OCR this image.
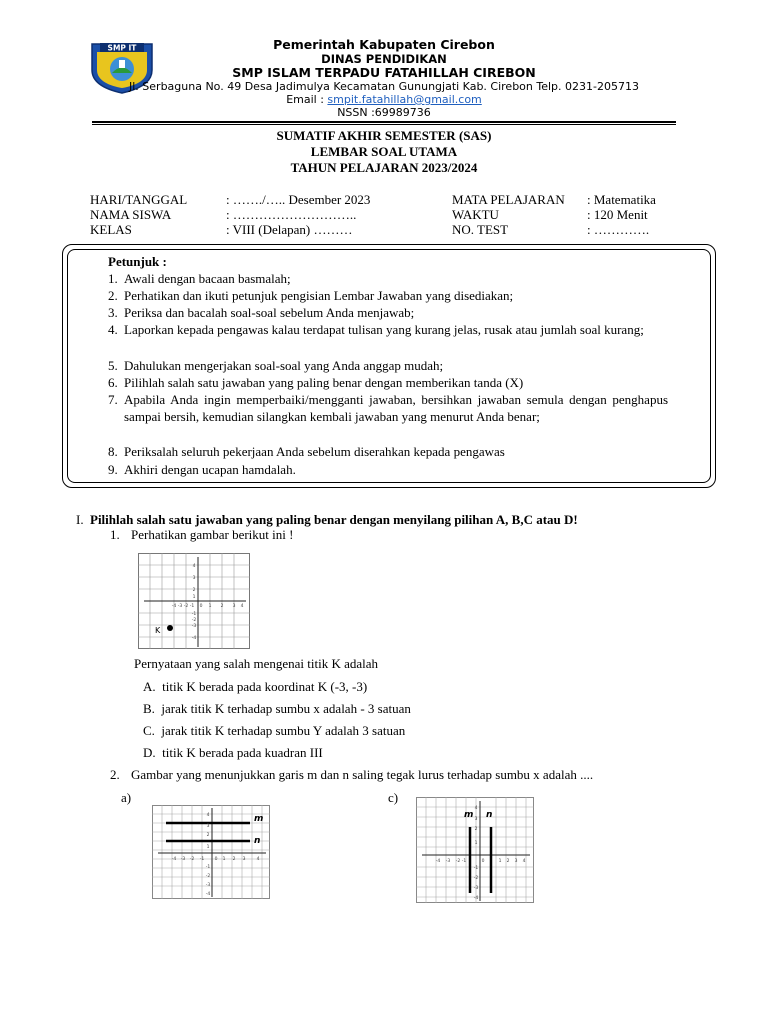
SMP IT	Pemerintah Kabupaten Cirebon
DINAS PENDIDIKAN
SMP ISLAM TERPADU FATAHILLAH CIREBON
Jl. Serbaguna No. 49 Desa Jadimulya Kecamatan Gunungjati Kab. Cirebon Telp. 0231-205713
Email : smpit.fatahillah@gmail.com
NSSN :69989736
SUMATIF AKHIR SEMESTER (SAS)
LEMBAR SOAL UTAMA
TAHUN PELAJARAN 2023/2024
HARI/TANGGAL	: ……./….. Desember 2023
NAMA SISWA	: ………………………..
KELAS	: VIII (Delapan) ………
MATA PELAJARAN : Matematika
WAKTU	: 120 Menit
NO. TEST	: ………….
Petunjuk :
1. Awali dengan bacaan basmalah;
2. Perhatikan dan ikuti petunjuk pengisian Lembar Jawaban yang disediakan;
3. Periksa dan bacalah soal-soal sebelum Anda menjawab;
4. Laporkan kepada pengawas kalau terdapat tulisan yang kurang jelas, rusak atau jumlah soal kurang;
5. Dahulukan mengerjakan soal-soal yang Anda anggap mudah;
6. Pilihlah salah satu jawaban yang paling benar dengan memberikan tanda (X)
7. Apabila Anda ingin memperbaiki/mengganti jawaban, bersihkan jawaban semula dengan penghapus sampai bersih, kemudian silangkan kembali jawaban yang menurut Anda benar;
8. Periksalah seluruh pekerjaan Anda sebelum diserahkan kepada pengawas
9. Akhiri dengan ucapan hamdalah.
I. Pilihlah salah satu jawaban yang paling benar dengan menyilang pilihan A, B,C atau D!
1. Perhatikan gambar berikut ini !
-4 -3 -2 -1 0 1 2 3 4
4
3
2
1
-1
-2
-3
-4
K
Pernyataan yang salah mengenai titik K adalah
A. titik K berada pada koordinat K (-3, -3)
B. jarak titik K terhadap sumbu x adalah - 3 satuan
C. jarak titik K terhadap sumbu Y adalah 3 satuan
D. titik K berada pada kuadran III
2. Gambar yang menunjukkan garis m dan n saling tegak lurus terhadap sumbu x adalah ....
a)	c)
m
n
-4 -3 -2 -1 0 1 2 3 4
4
3
2
1
-1
-2
-3
-4
m n
-4 -3 -2 -1	0	1 2 3 4
4
3
2
1
-1
-2
-3
-4
